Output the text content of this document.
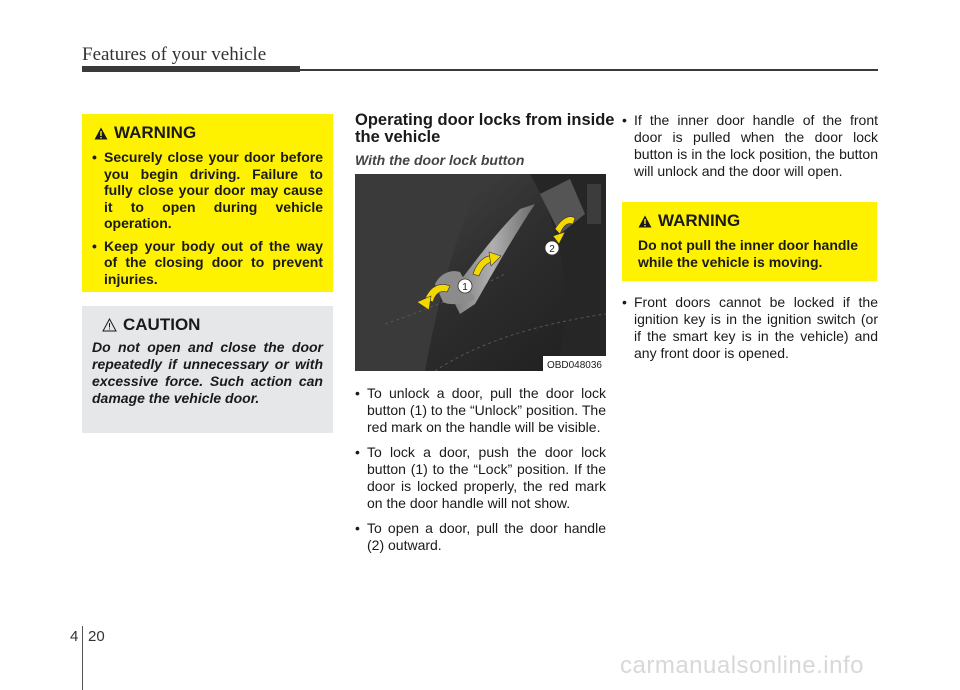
Features of your vehicle
WARNING
• Securely close your door before you begin driving. Failure to fully close your door may cause it to open during vehicle operation.
• Keep your body out of the way of the closing door to prevent injuries.
CAUTION
Do not open and close the door repeatedly if unnecessary or with excessive force. Such action can damage the vehicle door.
Operating door locks from inside the vehicle
With the door lock button
1
2
OBD048036
• To unlock a door, pull the door lock button (1) to the “Unlock” position. The red mark on the handle will be visible.
• To lock a door, push the door lock button (1) to the “Lock” position. If the door is locked properly, the red mark on the door handle will not show.
• To open a door, pull the door handle (2) outward.
• If the inner door handle of the front door is pulled when the door lock button is in the lock position, the button will unlock and the door will open.
WARNING
Do not pull the inner door handle while the vehicle is moving.
• Front doors cannot be locked if the ignition key is in the ignition switch (or if the smart key is in the vehicle) and any front door is opened.
4 20
carmanualsonline.info
